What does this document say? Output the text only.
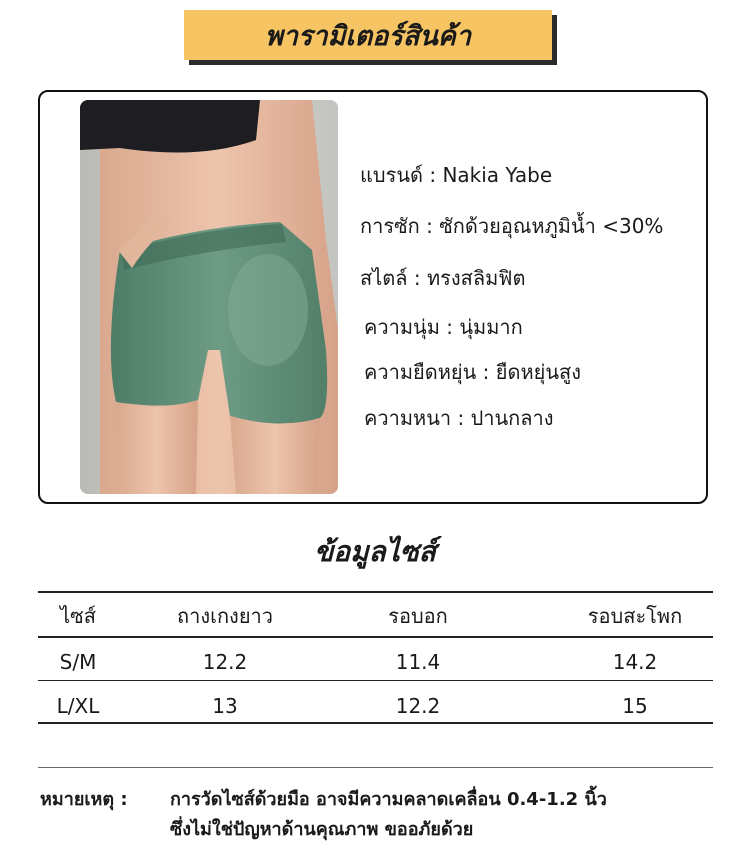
พารามิเตอร์สินค้า
แบรนด์ : Nakia Yabe
การซัก : ซักด้วยอุณหภูมิน้ำ <30%
สไตล์ : ทรงสลิมฟิต
ความนุ่ม : นุ่มมาก
ความยืดหยุ่น : ยืดหยุ่นสูง
ความหนา : ปานกลาง
ข้อมูลไซส์
ไซส์	ถางเกงยาว	รอบอก	รอบสะโพก
S/M	12.2	11.4	14.2
L/XL	13	12.2	15
หมายเหตุ : การวัดไซส์ด้วยมือ อาจมีความคลาดเคลื่อน 0.4-1.2 นิ้ว
ซึ่งไม่ใช่ปัญหาด้านคุณภาพ ขออภัยด้วย
